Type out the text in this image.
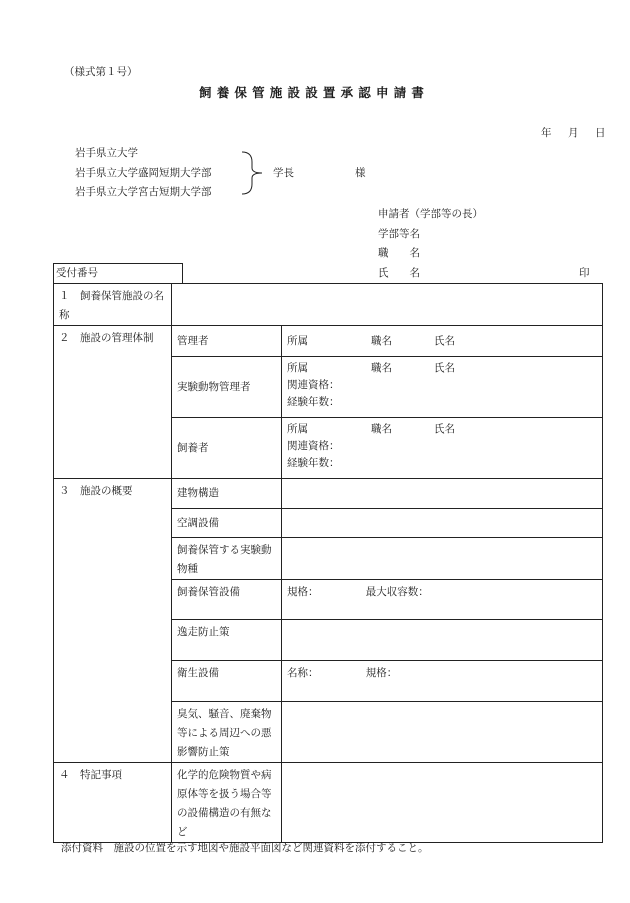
（様式第１号）
飼養保管施設設置承認申請書
年　月　日
岩手県立大学
岩手県立大学盛岡短期大学部
岩手県立大学宮古短期大学部
学長	様
申請者（学部等の長）
学部等名
職　　名
氏　　名	印
受付番号
１　飼養保管施設の名称		
２　施設の管理体制	管理者	所属　　　　　　職名　　　　氏名
	実験動物管理者	所属　　　　　　職名　　　　氏名
関連資格：
経験年数：

	飼養者	所属　　　　　　職名　　　　氏名
関連資格：
経験年数：

３　施設の概要	建物構造	
	空調設備	
	飼養保管する実験動物種	
	飼養保管設備	規格：　　　　　最大収容数：
	逸走防止策	
	衛生設備	名称：　　　　　規格：
	臭気、騒音、廃棄物等による周辺への悪影響防止策	
４　特記事項	化学的危険物質や病原体等を扱う場合等の設備構造の有無など	
添付資料　施設の位置を示す地図や施設平面図など関連資料を添付すること。
